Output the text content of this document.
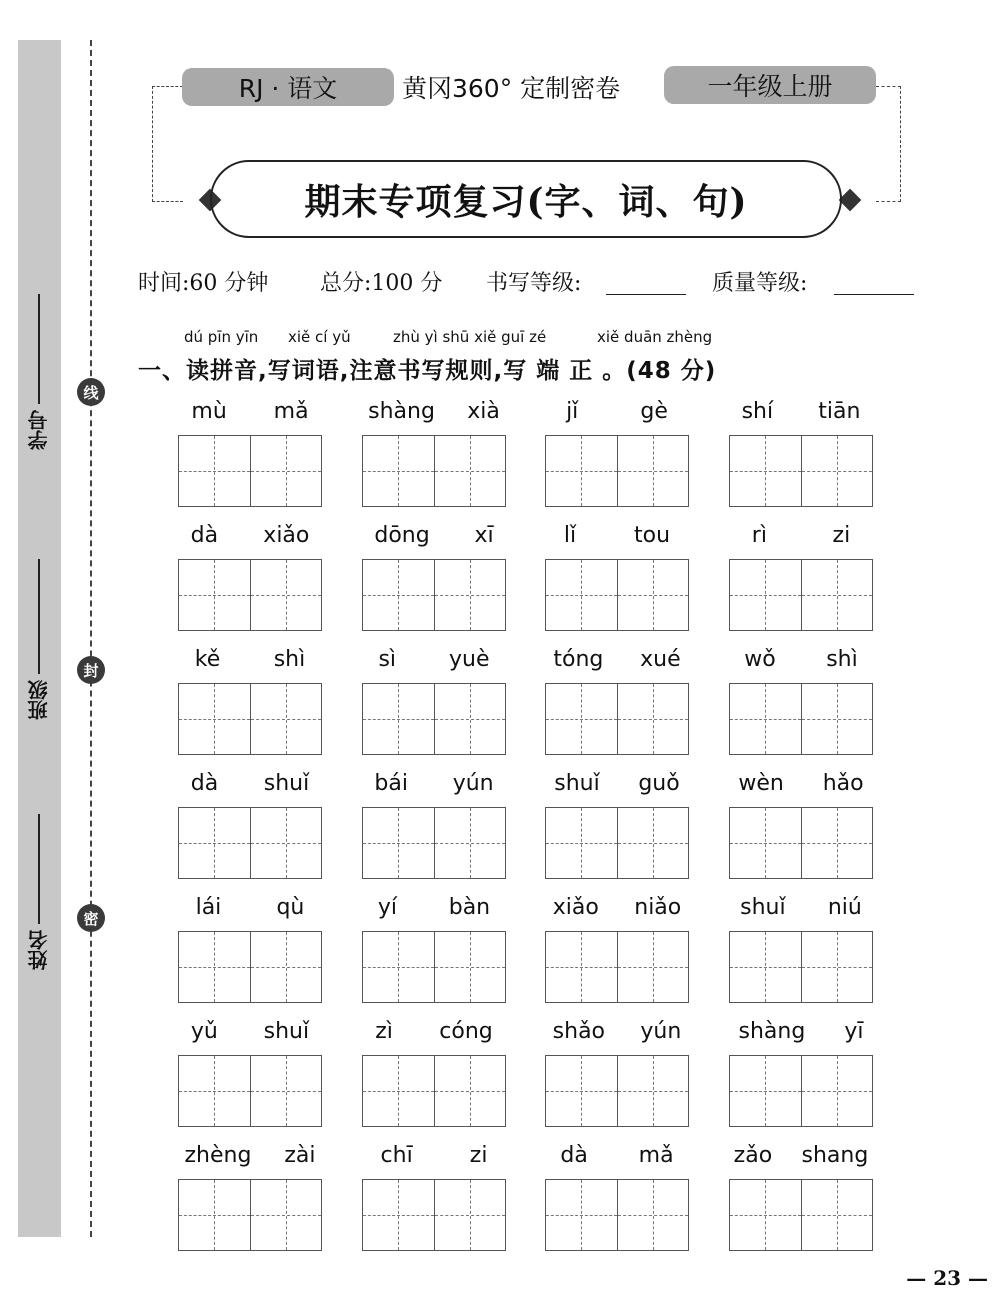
线
封
密
学号
班级
姓名
RJ · 语文	黄冈360° 定制密卷	一年级上册
期末专项复习(字、词、句)
时间:60 分钟 总分:100 分 书写等级:	质量等级:
dú pīn yīn xiě cí yǔ	zhù yì shū xiě guī zé	xiě duān zhèng
一、读拼音,写词语,注意书写规则,写 端 正 。(48 分)
mù mǎ	shàng xià	jǐ	gè	shí tiān
dà xiǎo	dōng xī	lǐ	tou	rì	zi
kě shì	sì yuè	tóng xué	wǒ shì
dà shuǐ	bái yún	shuǐ guǒ	wèn hǎo
lái	qù	yí bàn	xiǎo niǎo	shuǐ niú
yǔ shuǐ	zì cóng	shǎo yún	shàng yī
zhèng zài	chī	zi	dà mǎ	zǎo shang
— 23 —
